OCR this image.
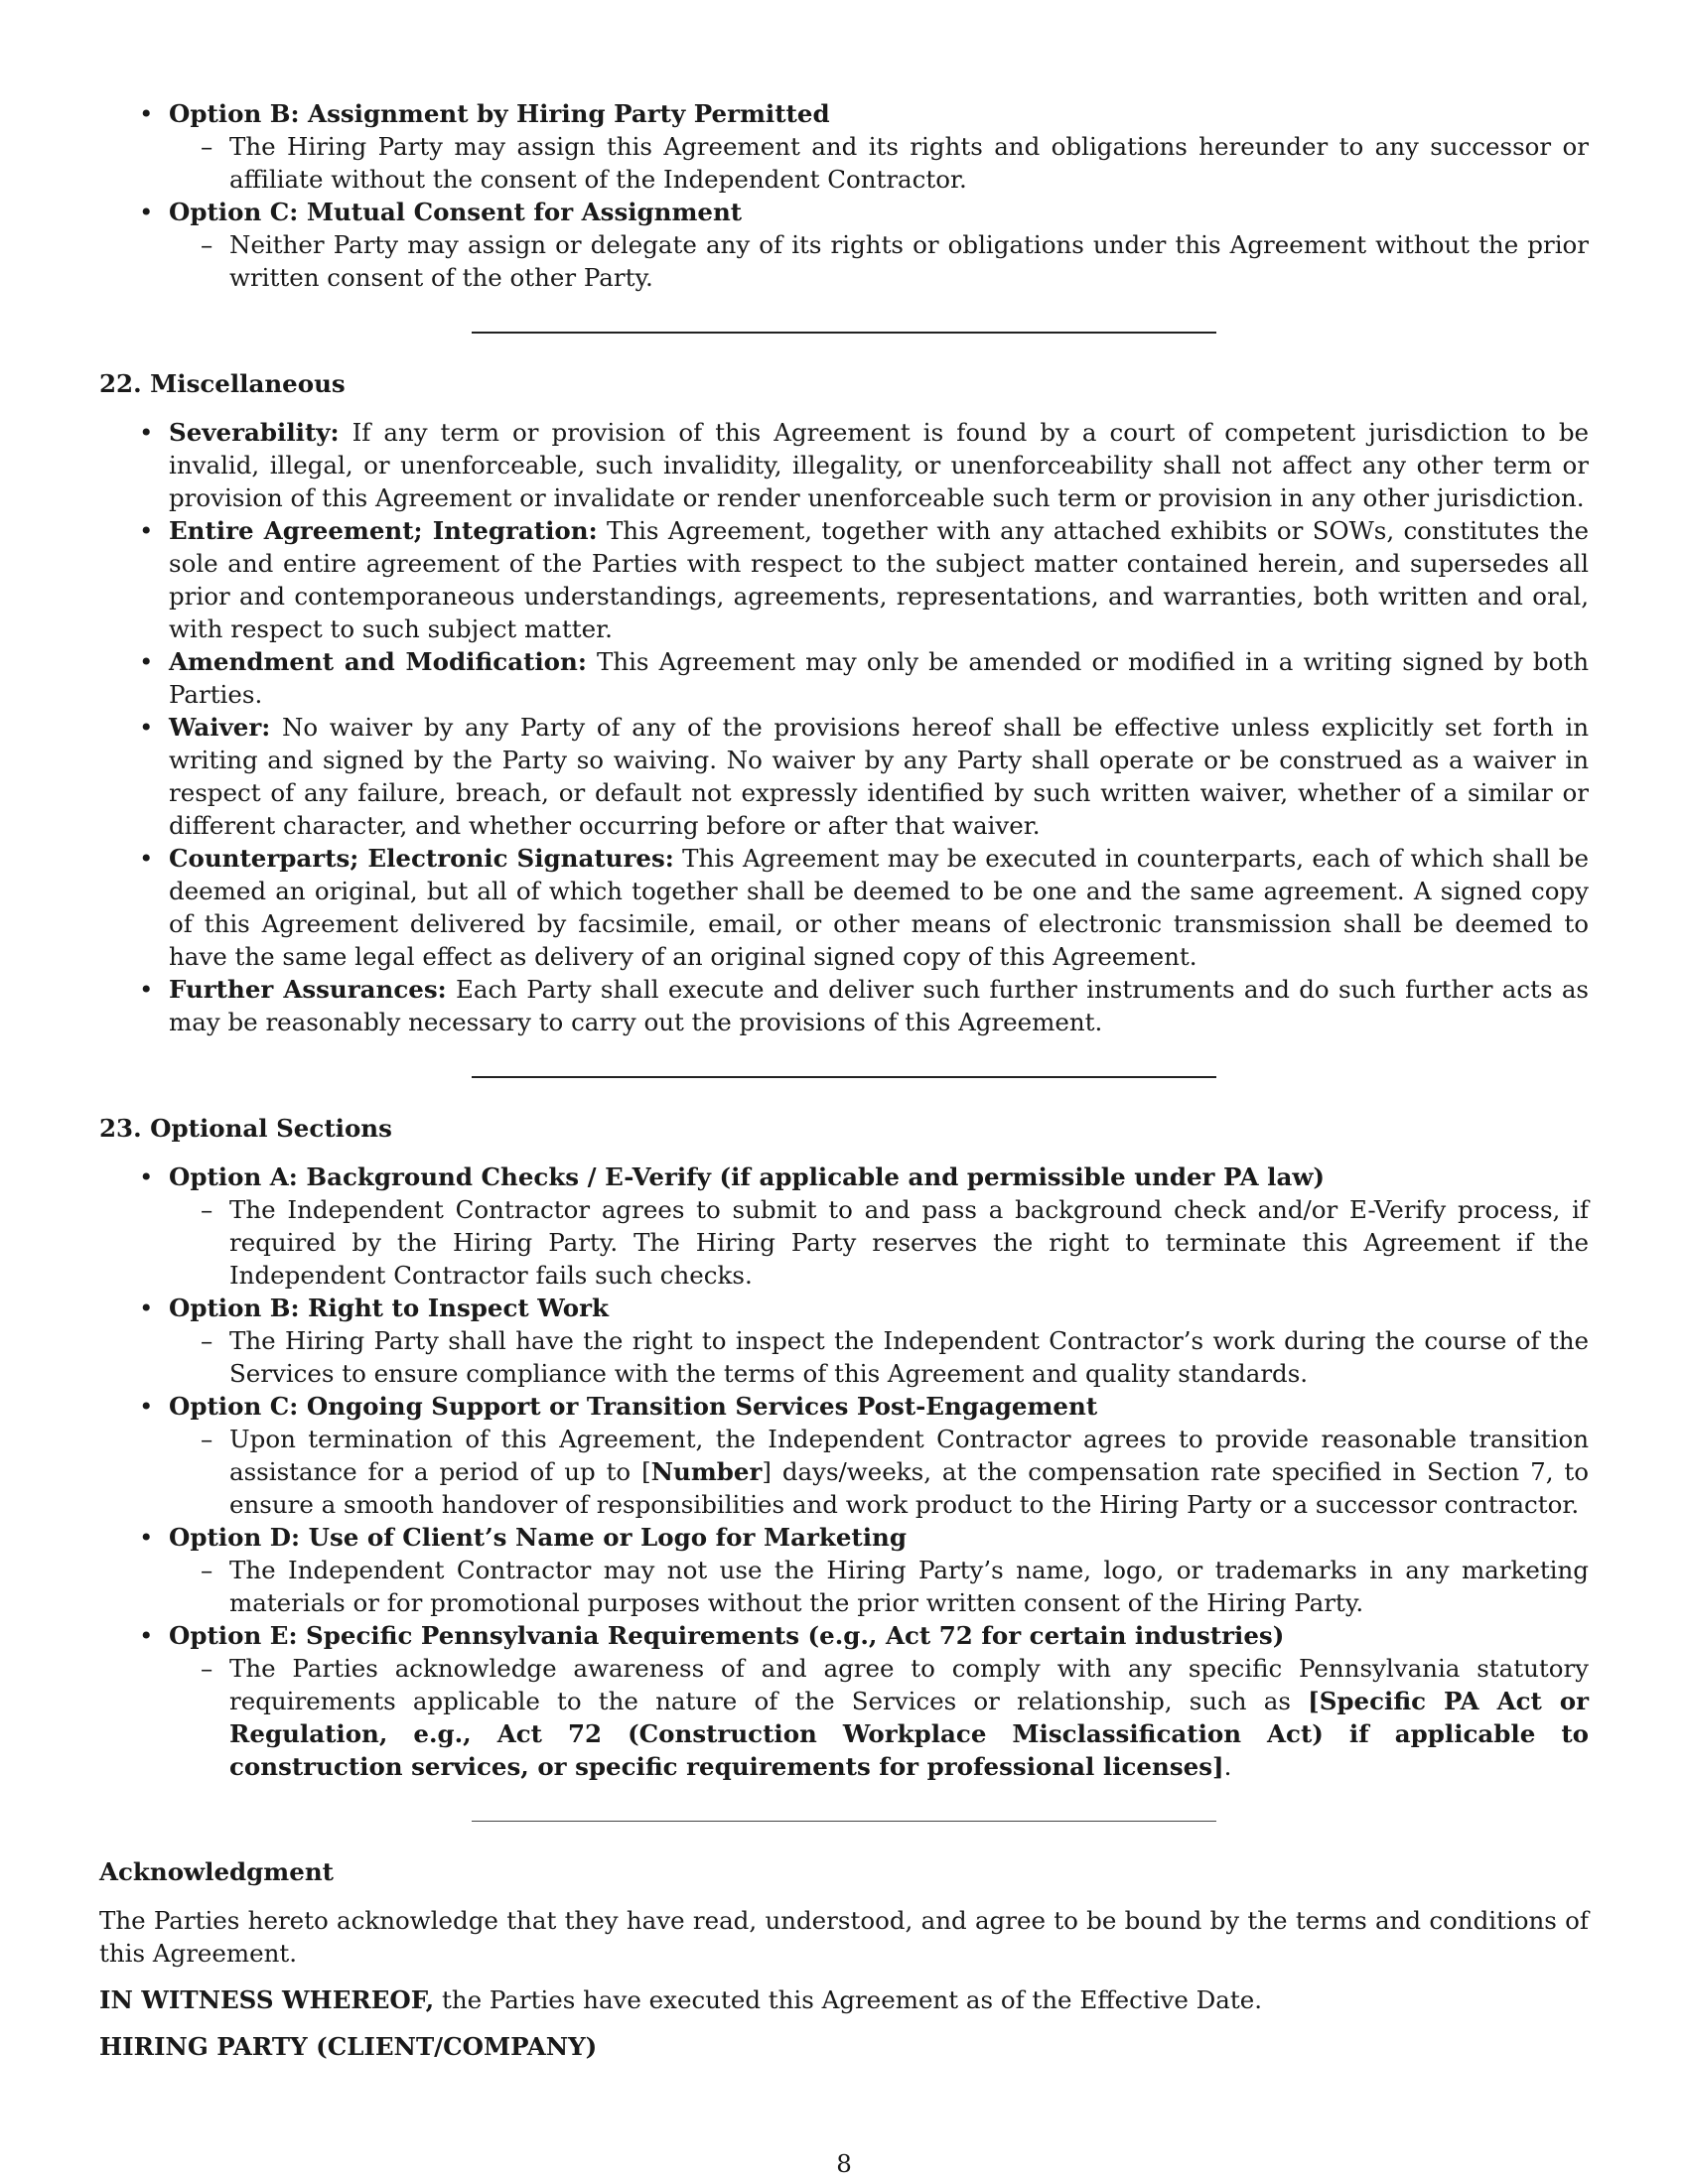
• Option B: Assignment by Hiring Party Permitted
– The Hiring Party may assign this Agreement and its rights and obligations hereunder to any successor or affiliate without the consent of the Independent Contractor.
• Option C: Mutual Consent for Assignment
– Neither Party may assign or delegate any of its rights or obligations under this Agreement without the prior written consent of the other Party.
22. Miscellaneous
• Severability: If any term or provision of this Agreement is found by a court of competent jurisdiction to be invalid, illegal, or unenforceable, such invalidity, illegality, or unenforceability shall not affect any other term or provision of this Agreement or invalidate or render unenforceable such term or provision in any other jurisdiction.
• Entire Agreement; Integration: This Agreement, together with any attached exhibits or SOWs, constitutes the sole and entire agreement of the Parties with respect to the subject matter contained herein, and supersedes all prior and contemporaneous understandings, agreements, representations, and warranties, both written and oral, with respect to such subject matter.
• Amendment and Modification: This Agreement may only be amended or modified in a writing signed by both Parties.
• Waiver: No waiver by any Party of any of the provisions hereof shall be effective unless explicitly set forth in writing and signed by the Party so waiving. No waiver by any Party shall operate or be construed as a waiver in respect of any failure, breach, or default not expressly identified by such written waiver, whether of a similar or different character, and whether occurring before or after that waiver.
• Counterparts; Electronic Signatures: This Agreement may be executed in counterparts, each of which shall be deemed an original, but all of which together shall be deemed to be one and the same agreement. A signed copy of this Agreement delivered by facsimile, email, or other means of electronic transmission shall be deemed to have the same legal effect as delivery of an original signed copy of this Agreement.
• Further Assurances: Each Party shall execute and deliver such further instruments and do such further acts as may be reasonably necessary to carry out the provisions of this Agreement.
23. Optional Sections
• Option A: Background Checks / E-Verify (if applicable and permissible under PA law)
– The Independent Contractor agrees to submit to and pass a background check and/or E-Verify process, if required by the Hiring Party. The Hiring Party reserves the right to terminate this Agreement if the Independent Contractor fails such checks.
• Option B: Right to Inspect Work
– The Hiring Party shall have the right to inspect the Independent Contractor’s work during the course of the Services to ensure compliance with the terms of this Agreement and quality standards.
• Option C: Ongoing Support or Transition Services Post-Engagement
– Upon termination of this Agreement, the Independent Contractor agrees to provide reasonable transition assistance for a period of up to [Number] days/weeks, at the compensation rate specified in Section 7, to ensure a smooth handover of responsibilities and work product to the Hiring Party or a successor contractor.
• Option D: Use of Client’s Name or Logo for Marketing
– The Independent Contractor may not use the Hiring Party’s name, logo, or trademarks in any marketing materials or for promotional purposes without the prior written consent of the Hiring Party.
• Option E: Specific Pennsylvania Requirements (e.g., Act 72 for certain industries)
– The Parties acknowledge awareness of and agree to comply with any specific Pennsylvania statutory requirements applicable to the nature of the Services or relationship, such as [Specific PA Act or Regulation, e.g., Act 72 (Construction Workplace Misclassification Act) if applicable to construction services, or specific requirements for professional licenses].
Acknowledgment

The Parties hereto acknowledge that they have read, understood, and agree to be bound by the terms and conditions of this Agreement.

IN WITNESS WHEREOF, the Parties have executed this Agreement as of the Effective Date.

HIRING PARTY (CLIENT/COMPANY)

8
